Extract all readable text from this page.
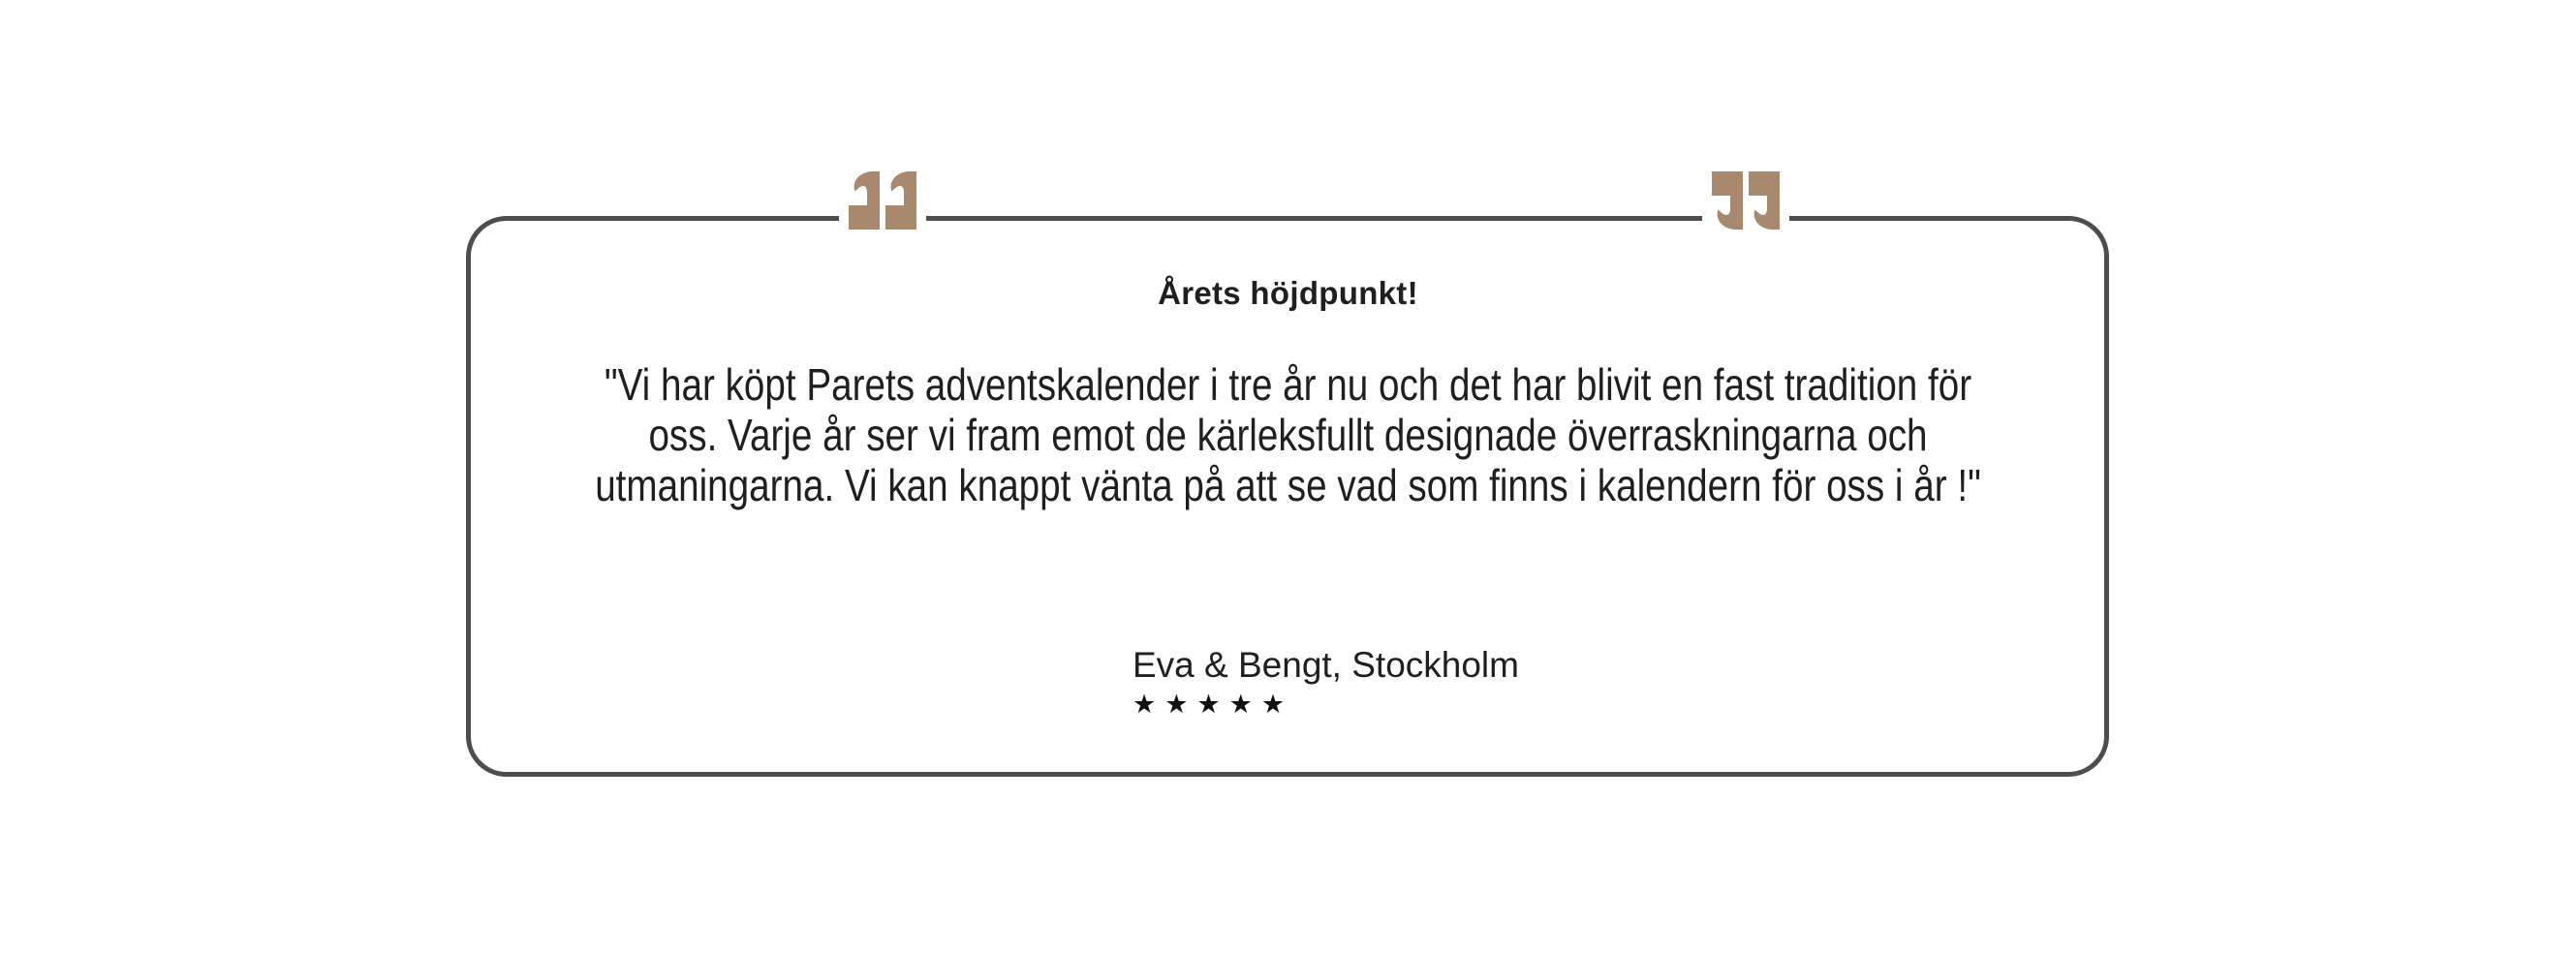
Årets höjdpunkt!
"Vi har köpt Parets adventskalender i tre år nu och det har blivit en fast tradition för
oss. Varje år ser vi fram emot de kärleksfullt designade överraskningarna och
utmaningarna. Vi kan knappt vänta på att se vad som finns i kalendern för oss i år !"
Eva & Bengt, Stockholm
★★★★★
